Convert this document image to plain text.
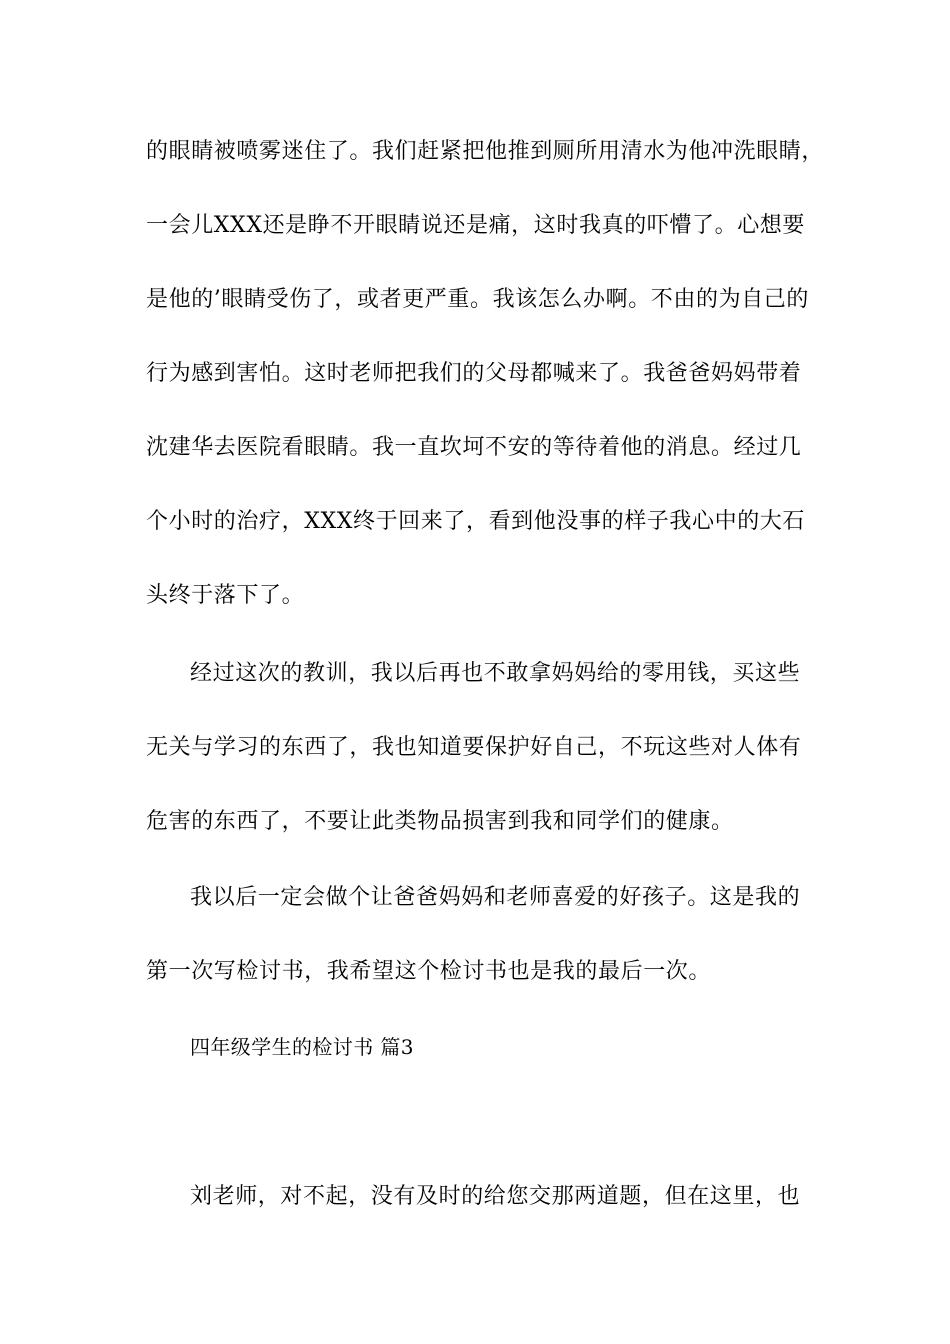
的眼睛被喷雾迷住了。我们赶紧把他推到厕所用清水为他冲洗眼睛，
一会儿XXX还是睁不开眼睛说还是痛，这时我真的吓懵了。心想要
是他的’眼睛受伤了，或者更严重。我该怎么办啊。不由的为自己的
行为感到害怕。这时老师把我们的父母都喊来了。我爸爸妈妈带着
沈建华去医院看眼睛。我一直坎坷不安的等待着他的消息。经过几
个小时的治疗，XXX终于回来了，看到他没事的样子我心中的大石
头终于落下了。
经过这次的教训，我以后再也不敢拿妈妈给的零用钱，买这些
无关与学习的东西了，我也知道要保护好自己，不玩这些对人体有
危害的东西了，不要让此类物品损害到我和同学们的健康。
我以后一定会做个让爸爸妈妈和老师喜爱的好孩子。这是我的
第一次写检讨书，我希望这个检讨书也是我的最后一次。
四年级学生的检讨书 篇3
刘老师，对不起，没有及时的给您交那两道题，但在这里，也
